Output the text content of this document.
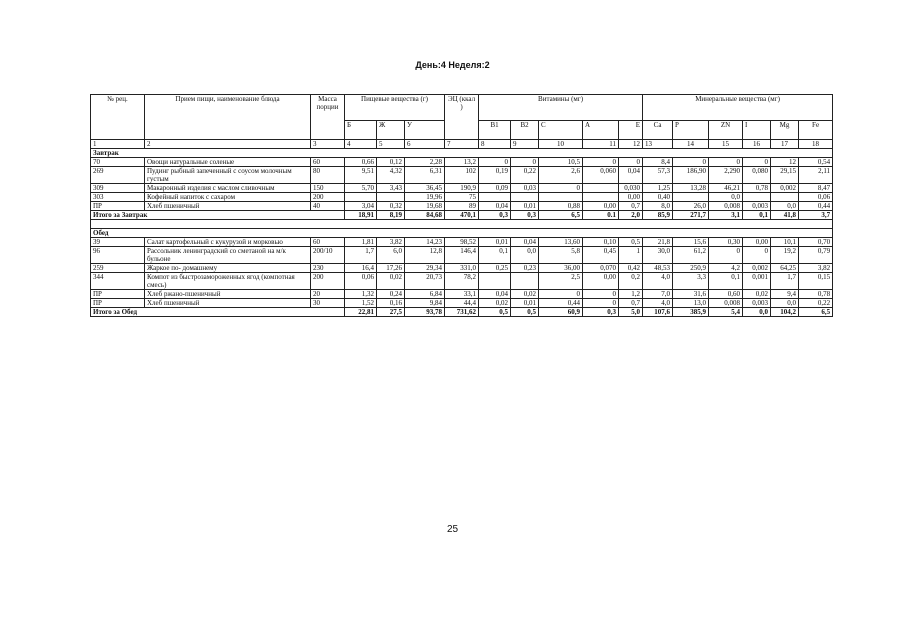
День:4 Неделя:2
№ рец.	Прием пищи, наименование блюда	Масса порции	Пищевые вещества (г)			ЭЦ (ккал )	Витамины (мг)					Минеральные вещества (мг)					
			Б	Ж	У		В1	В2	С	А	Е	Са	Р	ZN	I	Mg	Fe
1	2	3	4	5	6	7	8	9	10	11	12	13	14	15	16	17	18
Завтрак																	
70	Овощи натуральные соленые	60	0,66	0,12	2,28	13,2	0	0	10,5	0	0	8,4	0	0	0	12	0,54
269	Пудинг рыбный запеченный с соусом молочным густым	80	9,51	4,32	6,31	102	0,19	0,22	2,6	0,060	0,04	57,3	186,90	2,290	0,080	29,15	2,11
309	Макаронный изделия с маслом сливочным	150	5,70	3,43	36,45	190,9	0,09	0,03	0		0,030	1,25	13,28	46,21	0,78	0,002	8,47
303	Кофейный напиток с сахаром	200			19,96	75					0,00	0,40		0,0			0,06
ПР	Хлеб пшеничный	40	3,04	0,32	19,68	89	0,04	0,01	0,88	0,00	0,7	8,0	26,0	0,008	0,003	0,0	0,44
Итого за Завтрак			18,91	8,19	84,68	470,1	0,3	0,3	6,5	0.1	2,0	85,9	271,7	3,1	0,1	41,8	3,7

Обед																	
39	Салат картофельный с кукурузой и морковью	60	1,81	3,82	14,23	98,52	0,01	0,04	13,60	0,10	0,5	21,8	15,6	0,30	0,00	10,1	0,70
96	Рассольник ленинградский со сметаной на м/к бульоне	200/10	1,7	6,0	12,8	146,4	0,1	0,0	5,8	0,45	1	30,0	61,2	0	0	19,2	0,79
259	Жаркое по- домашнему	230	16,4	17,26	29,34	331,0	0,25	0,23	36,00	0,070	0,42	48,53	250,9	4,2	0,002	64,25	3,82
344	Компот из быстрозамороженных ягод (компотная смесь)	200	0,06	0,02	20,73	78,2			2,5	0,00	0,2	4,0	3,3	0,1	0,001	1,7	0,15
ПР	Хлеб ржано-пшеничный	20	1,32	0,24	6,84	33,1	0,04	0,02	0	0	1,2	7,0	31,6	0,60	0,02	9,4	0,78
ПР	Хлеб пшеничный	30	1,52	0,16	9,84	44,4	0,02	0,01	0,44	0	0,7	4,0	13,0	0,008	0,003	0,0	0,22
Итого за Обед			22,81	27,5	93,78	731,62	0,5	0,5	60,9	0,3	5,0	107,6	385,9	5,4	0,0	104,2	6,5
25
